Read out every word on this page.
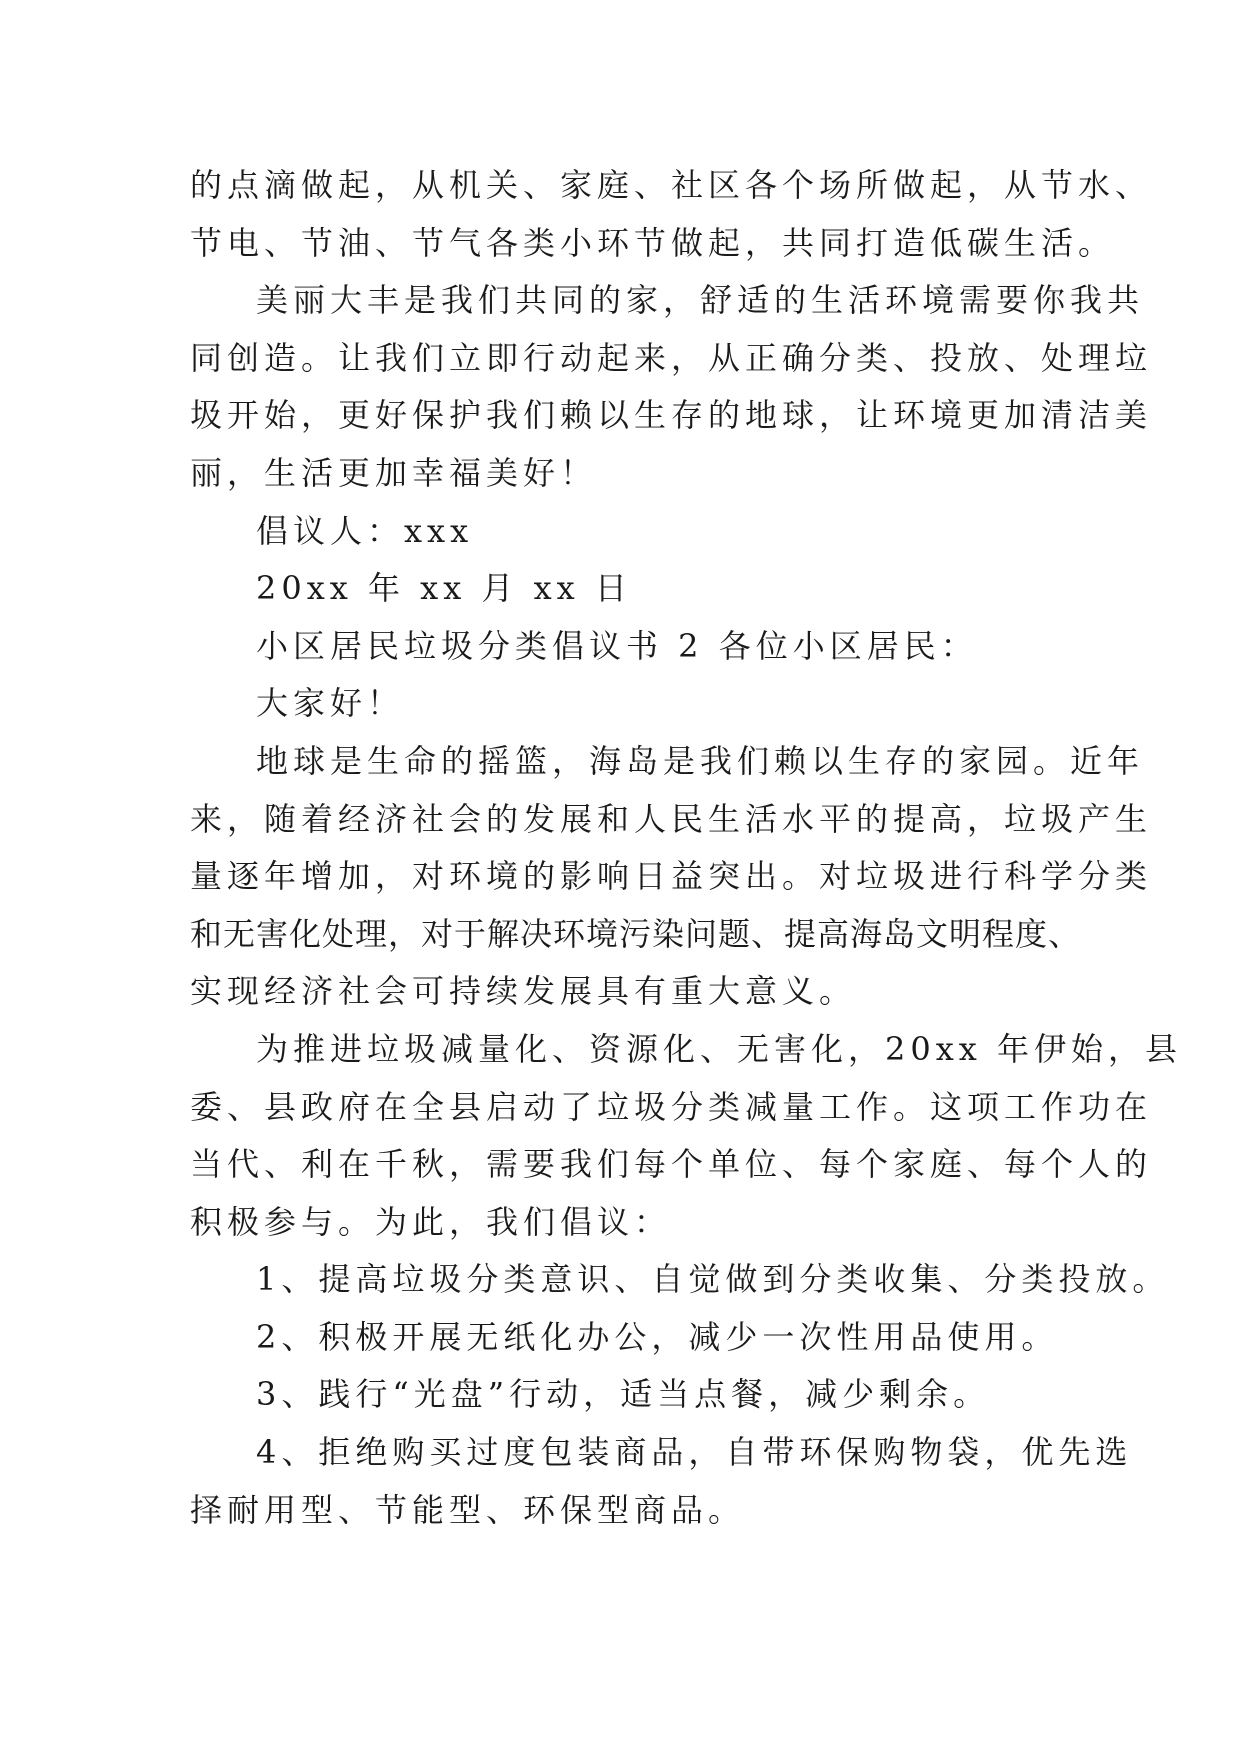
的点滴做起，从机关、家庭、社区各个场所做起，从节水、
节电、节油、节气各类小环节做起，共同打造低碳生活。
美丽大丰是我们共同的家，舒适的生活环境需要你我共
同创造。让我们立即行动起来，从正确分类、投放、处理垃
圾开始，更好保护我们赖以生存的地球，让环境更加清洁美
丽，生活更加幸福美好！
倡议人：xxx
20xx 年 xx 月 xx 日
小区居民垃圾分类倡议书 2 各位小区居民：
大家好！
地球是生命的摇篮，海岛是我们赖以生存的家园。近年
来，随着经济社会的发展和人民生活水平的提高，垃圾产生
量逐年增加，对环境的影响日益突出。对垃圾进行科学分类
和无害化处理，对于解决环境污染问题、提高海岛文明程度、
实现经济社会可持续发展具有重大意义。
为推进垃圾减量化、资源化、无害化，20xx 年伊始，县
委、县政府在全县启动了垃圾分类减量工作。这项工作功在
当代、利在千秋，需要我们每个单位、每个家庭、每个人的
积极参与。为此，我们倡议：
1、提高垃圾分类意识、自觉做到分类收集、分类投放。
2、积极开展无纸化办公，减少一次性用品使用。
3、践行“光盘”行动，适当点餐，减少剩余。
4、拒绝购买过度包装商品，自带环保购物袋，优先选
择耐用型、节能型、环保型商品。
